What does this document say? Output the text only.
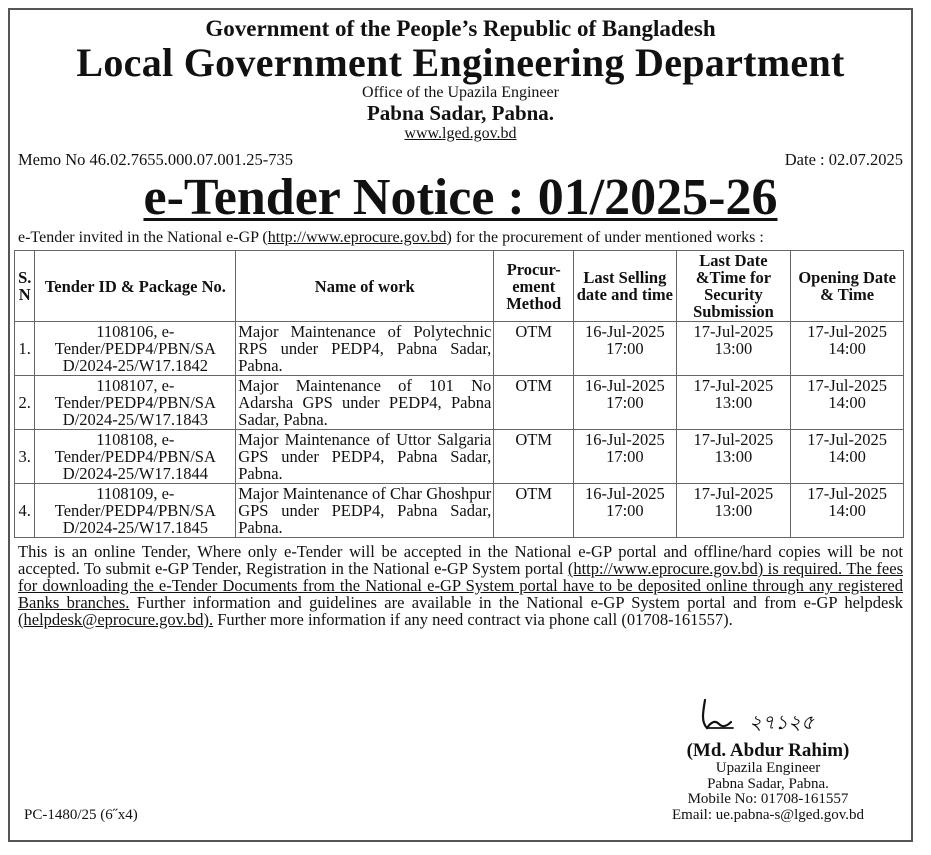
Government of the People’s Republic of Bangladesh
Local Government Engineering Department
Office of the Upazila Engineer
Pabna Sadar, Pabna.
www.lged.gov.bd
Memo No 46.02.7655.000.07.001.25-735	Date : 02.07.2025
e-Tender Notice : 01/2025-26
e-Tender invited in the National e-GP (http://www.eprocure.gov.bd) for the procurement of under mentioned works :
S. N	Tender ID & Package No.	Name of work	Procur-ement Method	Last Selling date and time	Last Date &Time for Security Submission	Opening Date & Time
1.	1108106, e-Tender/PEDP4/PBN/SA D/2024-25/W17.1842	Major Maintenance of Polytechnic RPS under PEDP4, Pabna Sadar, Pabna.	OTM	16-Jul-2025 17:00	17-Jul-2025 13:00	17-Jul-2025 14:00
2.	1108107, e-Tender/PEDP4/PBN/SA D/2024-25/W17.1843	Major Maintenance of 101 No Adarsha GPS under PEDP4, Pabna Sadar, Pabna.	OTM	16-Jul-2025 17:00	17-Jul-2025 13:00	17-Jul-2025 14:00
3.	1108108, e-Tender/PEDP4/PBN/SA D/2024-25/W17.1844	Major Maintenance of Uttor Salgaria GPS under PEDP4, Pabna Sadar, Pabna.	OTM	16-Jul-2025 17:00	17-Jul-2025 13:00	17-Jul-2025 14:00
4.	1108109, e-Tender/PEDP4/PBN/SA D/2024-25/W17.1845	Major Maintenance of Char Ghoshpur GPS under PEDP4, Pabna Sadar, Pabna.	OTM	16-Jul-2025 17:00	17-Jul-2025 13:00	17-Jul-2025 14:00
This is an online Tender, Where only e-Tender will be accepted in the National e-GP portal and offline/hard copies will be not accepted. To submit e-GP Tender, Registration in the National e-GP System portal (http://www.eprocure.gov.bd) is required. The fees for downloading the e-Tender Documents from the National e-GP System portal have to be deposited online through any registered Banks branches. Further information and guidelines are available in the National e-GP System portal and from e-GP helpdesk (helpdesk@eprocure.gov.bd). Further more information if any need contract via phone call (01708-161557).
২৭১২৫
(Md. Abdur Rahim)
Upazila Engineer
Pabna Sadar, Pabna.
Mobile No: 01708-161557
Email: ue.pabna-s@lged.gov.bd
PC-1480/25 (6˝x4)
